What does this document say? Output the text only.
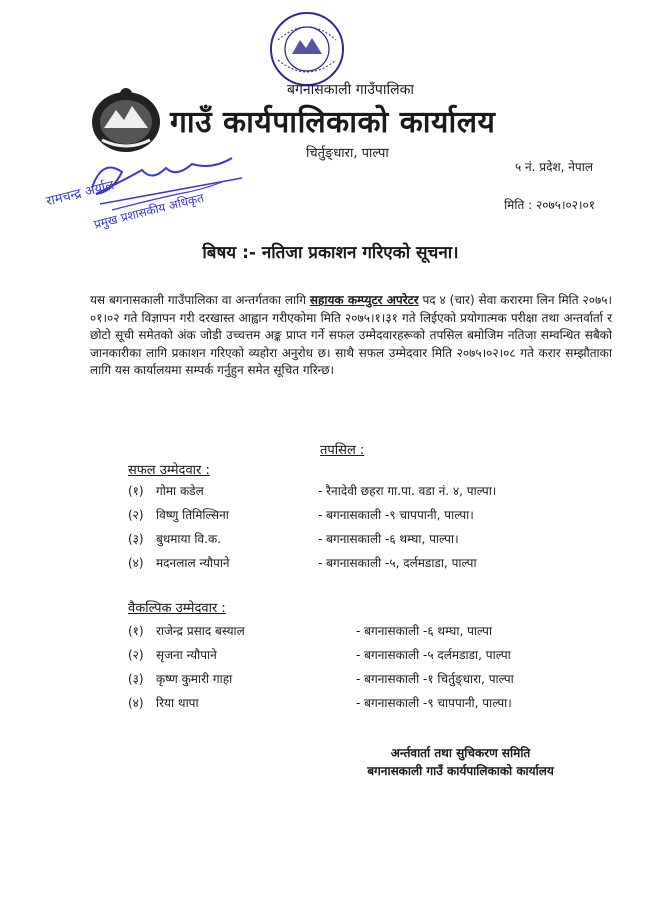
बगनासकाली गाउँपालिका
गाउँ कार्यपालिकाको कार्यालय
चिर्तुङ्धारा, पाल्पा
५ नं. प्रदेश, नेपाल
मिति : २०७५।०२।०१
रामचन्द्र अर्याल
प्रमुख प्रशासकीय अधिकृत
बिषय :- नतिजा प्रकाशन गरिएको सूचना।
यस बगनासकाली गाउँपालिका वा अन्तर्गतका लागि सहायक कम्प्युटर अपरेटर पद ४ (चार) सेवा करारमा लिन मिति २०७५।०१।०२ गते विज्ञापन गरी दरखास्त आह्वान गरीएकोमा मिति २०७५।१।३१ गते लिईएको प्रयोगात्मक परीक्षा तथा अन्तर्वार्ता र छोटो सूची समेतको अंक जोडी उच्चत्तम अङ्क प्राप्त गर्ने सफल उम्मेदवारहरूको तपसिल बमोजिम नतिजा सम्वन्धित सबैको जानकारीका लागि प्रकाशन गरिएको व्यहोरा अनुरोध छ। साथै सफल उम्मेदवार मिति २०७५।०२।०८ गते करार सम्झौताका लागि यस कार्यालयमा सम्पर्क गर्नुहुन समेत सूचित गरिन्छ।
तपसिल :
सफल उम्मेदवार :
(१) गोमा कडेल	- रैनादेवी छहरा गा.पा. वडा नं. ४, पाल्पा।
(२) विष्णु तिमिल्सिना	- बगनासकाली -९ चापपानी, पाल्पा।
(३) बुधमाया वि.क.	- बगनासकाली -६ थम्घा, पाल्पा।
(४) मदनलाल न्यौपाने	- बगनासकाली -५, दर्लमडाडा, पाल्पा
वैकल्पिक उम्मेदवार :
(१) राजेन्द्र प्रसाद बस्याल	- बगनासकाली -६ थम्घा, पाल्पा
(२) सृजना न्यौपाने	- बगनासकाली -५ दर्लमडाडा, पाल्पा
(३) कृष्ण कुमारी गाहा	- बगनासकाली -१ चिर्तुङ्धारा, पाल्पा
(४) रिया थापा	- बगनासकाली -९ चापपानी, पाल्पा।
अर्न्तवार्ता तथा सुचिकरण समिति
बगनासकाली गाउँ कार्यपालिकाको कार्यालय
